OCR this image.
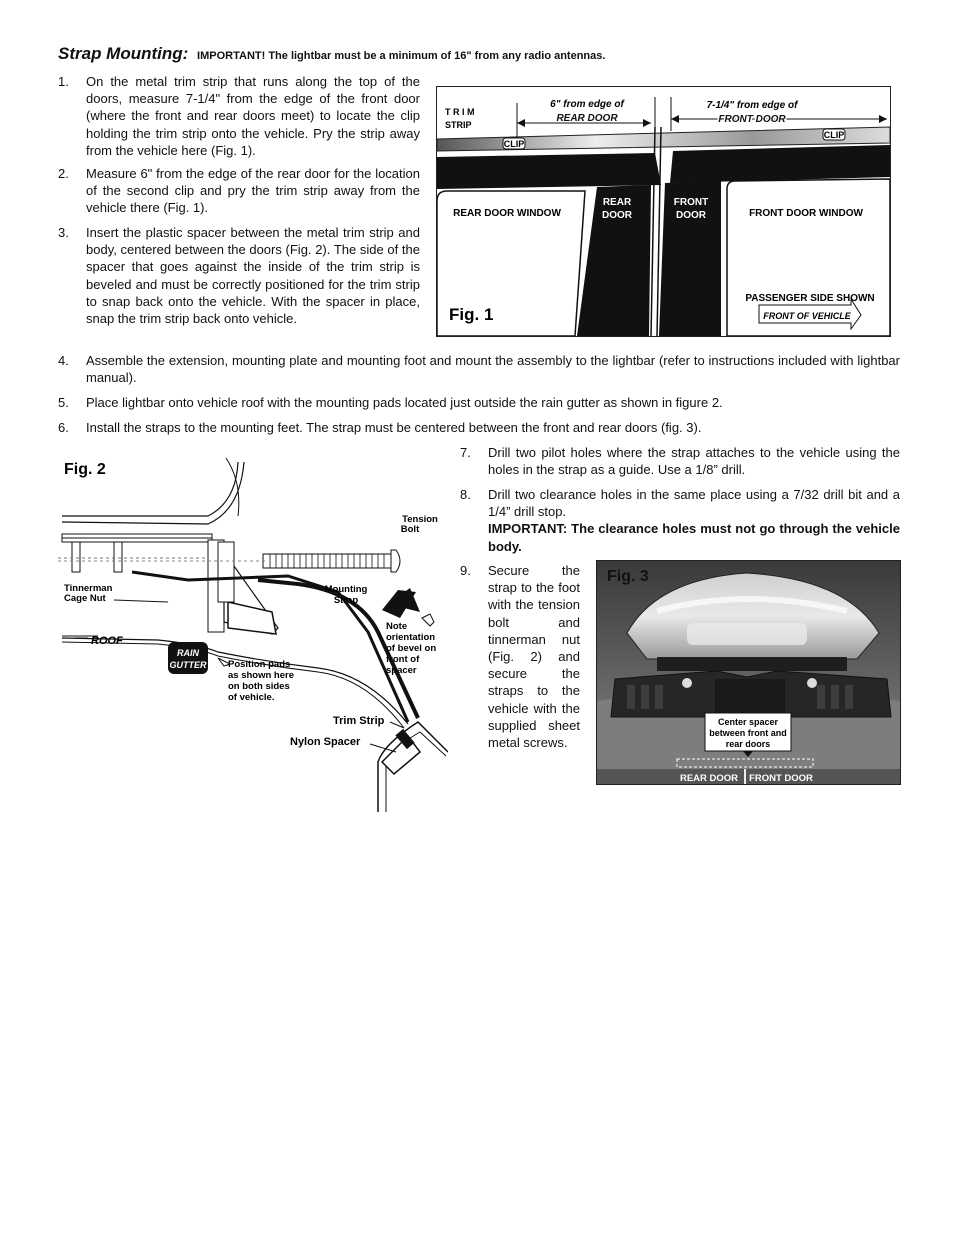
Strap Mounting: IMPORTANT! The lightbar must be a minimum of 16" from any radio antennas.
1. On the metal trim strip that runs along the top of the doors, measure 7-1/4" from the edge of the front door (where the front and rear doors meet) to locate the clip holding the trim strip onto the vehicle. Pry the strip away from the vehicle here (Fig. 1).
2. Measure 6" from the edge of the rear door for the location of the second clip and pry the trim strip away from the vehicle there (Fig. 1).
3. Insert the plastic spacer between the metal trim strip and body, centered between the doors (Fig. 2). The side of the spacer that goes against the inside of the trim strip is beveled and must be correctly positioned for the trim strip to snap back onto the vehicle. With the spacer in place, snap the trim strip back onto vehicle.
4. Assemble the extension, mounting plate and mounting foot and mount the assembly to the lightbar (refer to instructions included with lightbar manual).
5. Place lightbar onto vehicle roof with the mounting pads located just outside the rain gutter as shown in figure 2.
6. Install the straps to the mounting feet. The strap must be centered between the front and rear doors (fig. 3).
7. Drill two pilot holes where the strap attaches to the vehicle using the holes in the strap as a guide. Use a 1/8” drill.
8. Drill two clearance holes in the same place using a 7/32 drill bit and a 1/4” drill stop.
IMPORTANT: The clearance holes must not go through the vehicle body.
9. Secure the strap to the foot with the tension bolt and tinnerman nut (Fig. 2) and secure the straps to the vehicle with the supplied sheet metal screws.
T R I M
STRIP
6" from edge of
REAR DOOR
7-1/4" from edge of
FRONT DOOR
CLIP
CLIP
REAR DOOR WINDOW
REAR
DOOR
FRONT
DOOR	FRONT DOOR WINDOW
PASSENGER SIDE SHOWN
FRONT OF VEHICLE
Fig. 1
Fig. 2
Tension
Bolt
Tinnerman
Cage Nut
Mounting
Strap
Note
orientation
of bevel on
front of
spacer
ROOF
RAIN
GUTTER Position pads
as shown here
on both sides
of vehicle.
Trim Strip
Nylon Spacer
Fig. 3
Center spacer
between front and
rear doors
REAR DOOR FRONT DOOR
